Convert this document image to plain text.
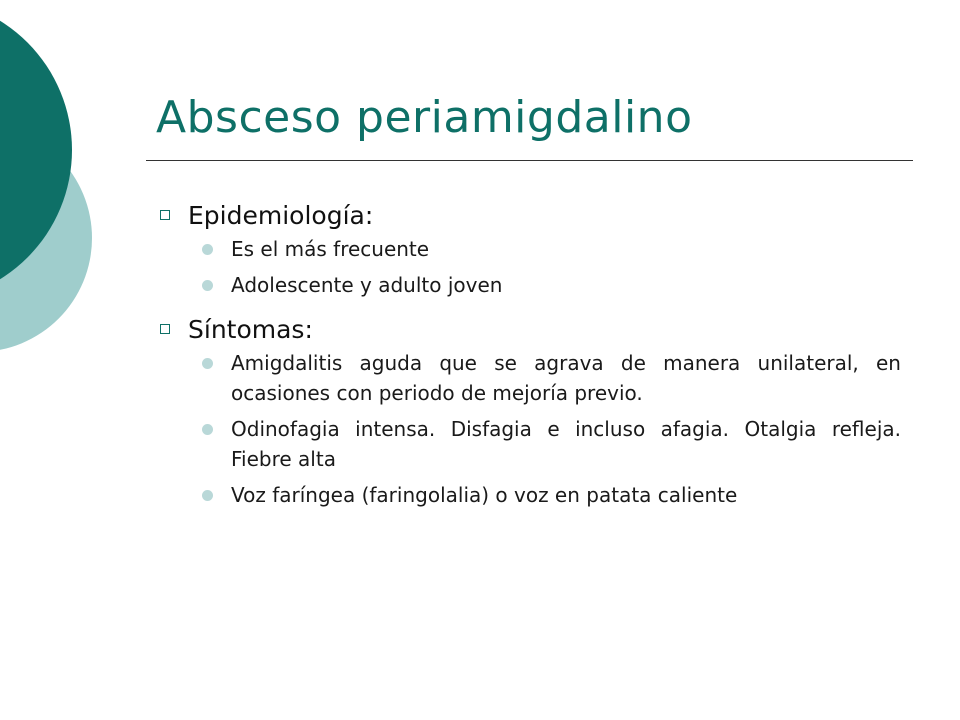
Absceso periamigdalino
Epidemiología:
Es el más frecuente
Adolescente y adulto joven
Síntomas:
Amigdalitis aguda que se agrava de manera unilateral, en ocasiones con periodo de mejoría previo.
Odinofagia intensa. Disfagia e incluso afagia. Otalgia refleja. Fiebre alta
Voz faríngea (faringolalia) o voz en patata caliente
